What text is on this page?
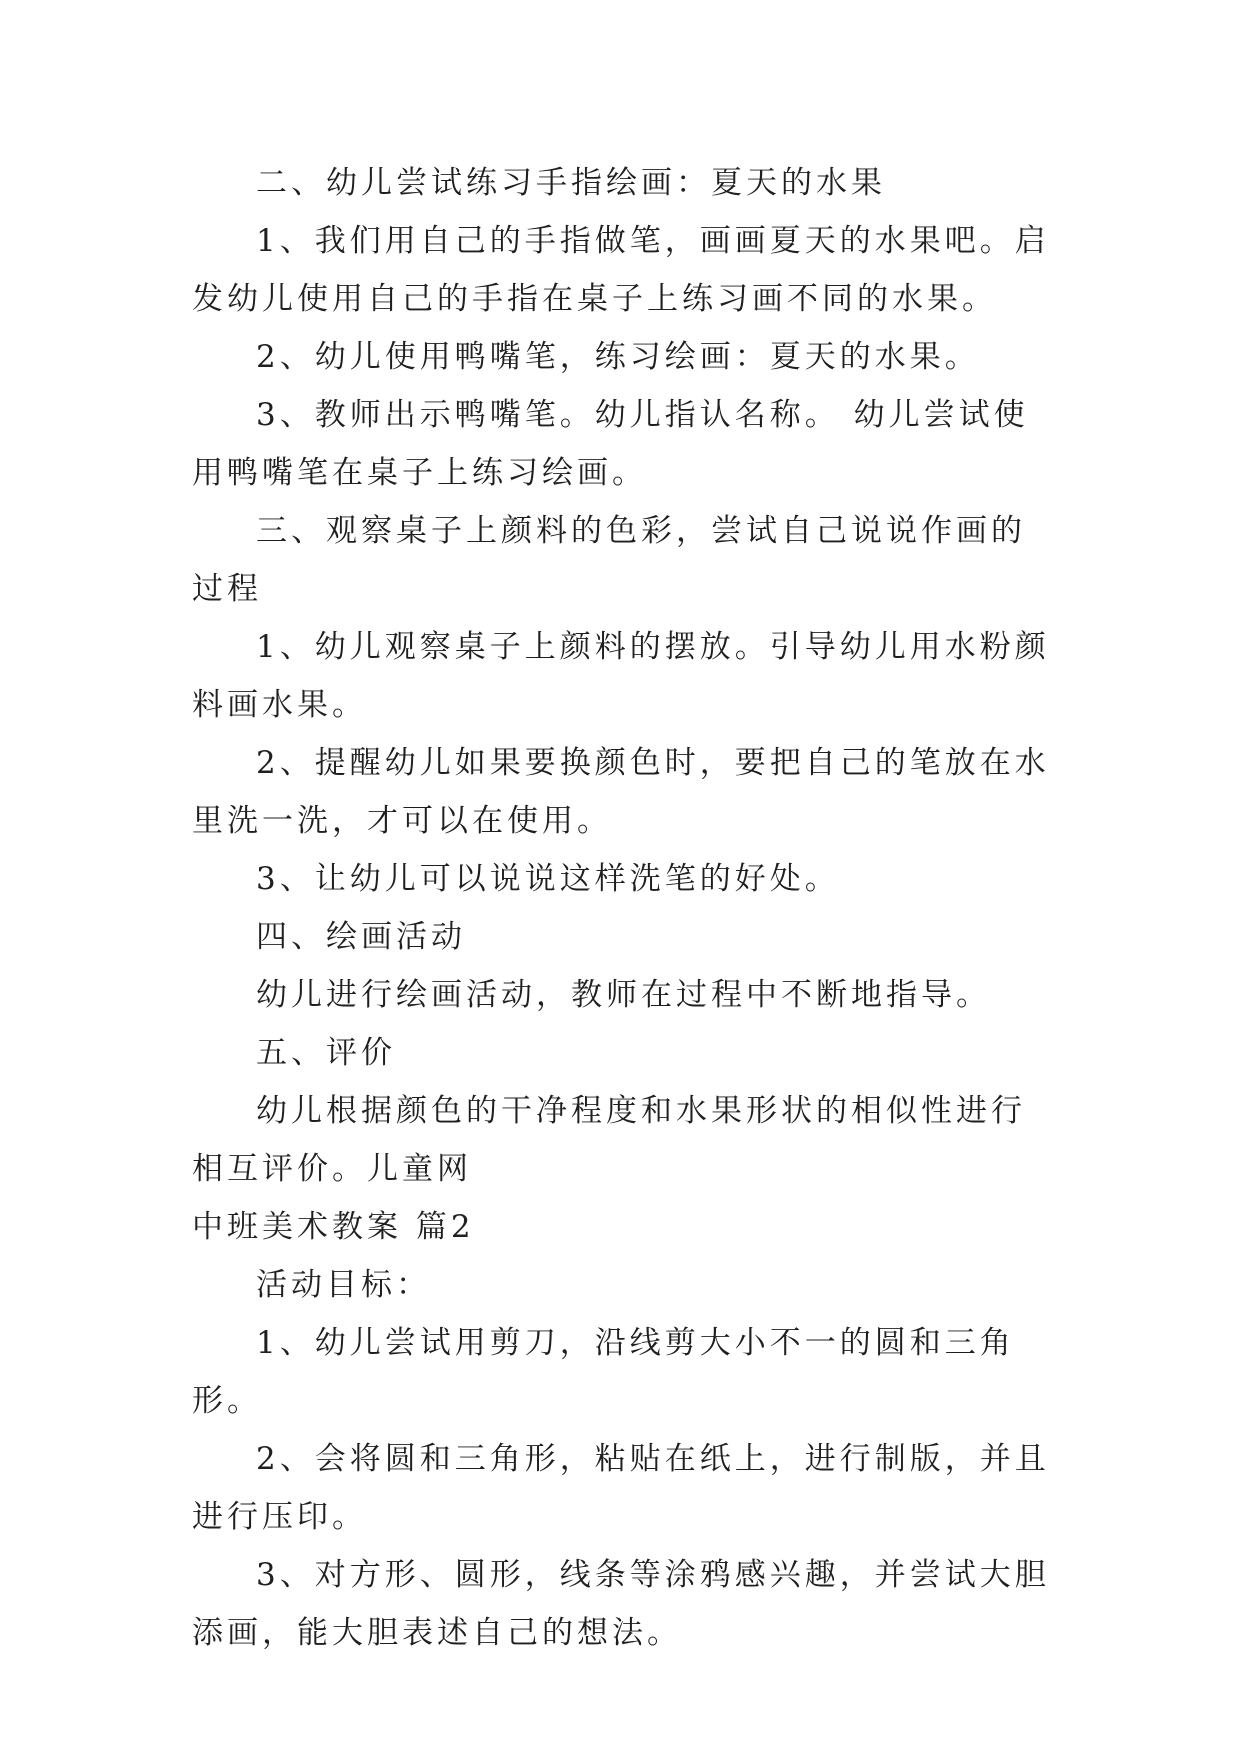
二、幼儿尝试练习手指绘画：夏天的水果

1、我们用自己的手指做笔，画画夏天的水果吧。启发幼儿使用自己的手指在桌子上练习画不同的水果。

2、幼儿使用鸭嘴笔，练习绘画：夏天的水果。

3、教师出示鸭嘴笔。幼儿指认名称。 幼儿尝试使用鸭嘴笔在桌子上练习绘画。

三、观察桌子上颜料的色彩，尝试自己说说作画的过程

1、幼儿观察桌子上颜料的摆放。引导幼儿用水粉颜料画水果。

2、提醒幼儿如果要换颜色时，要把自己的笔放在水里洗一洗，才可以在使用。

3、让幼儿可以说说这样洗笔的好处。

四、绘画活动

幼儿进行绘画活动，教师在过程中不断地指导。

五、评价

幼儿根据颜色的干净程度和水果形状的相似性进行相互评价。儿童网

中班美术教案 篇2

活动目标：

1、幼儿尝试用剪刀，沿线剪大小不一的圆和三角形。

2、会将圆和三角形，粘贴在纸上，进行制版，并且进行压印。

3、对方形、圆形，线条等涂鸦感兴趣，并尝试大胆添画，能大胆表述自己的想法。
